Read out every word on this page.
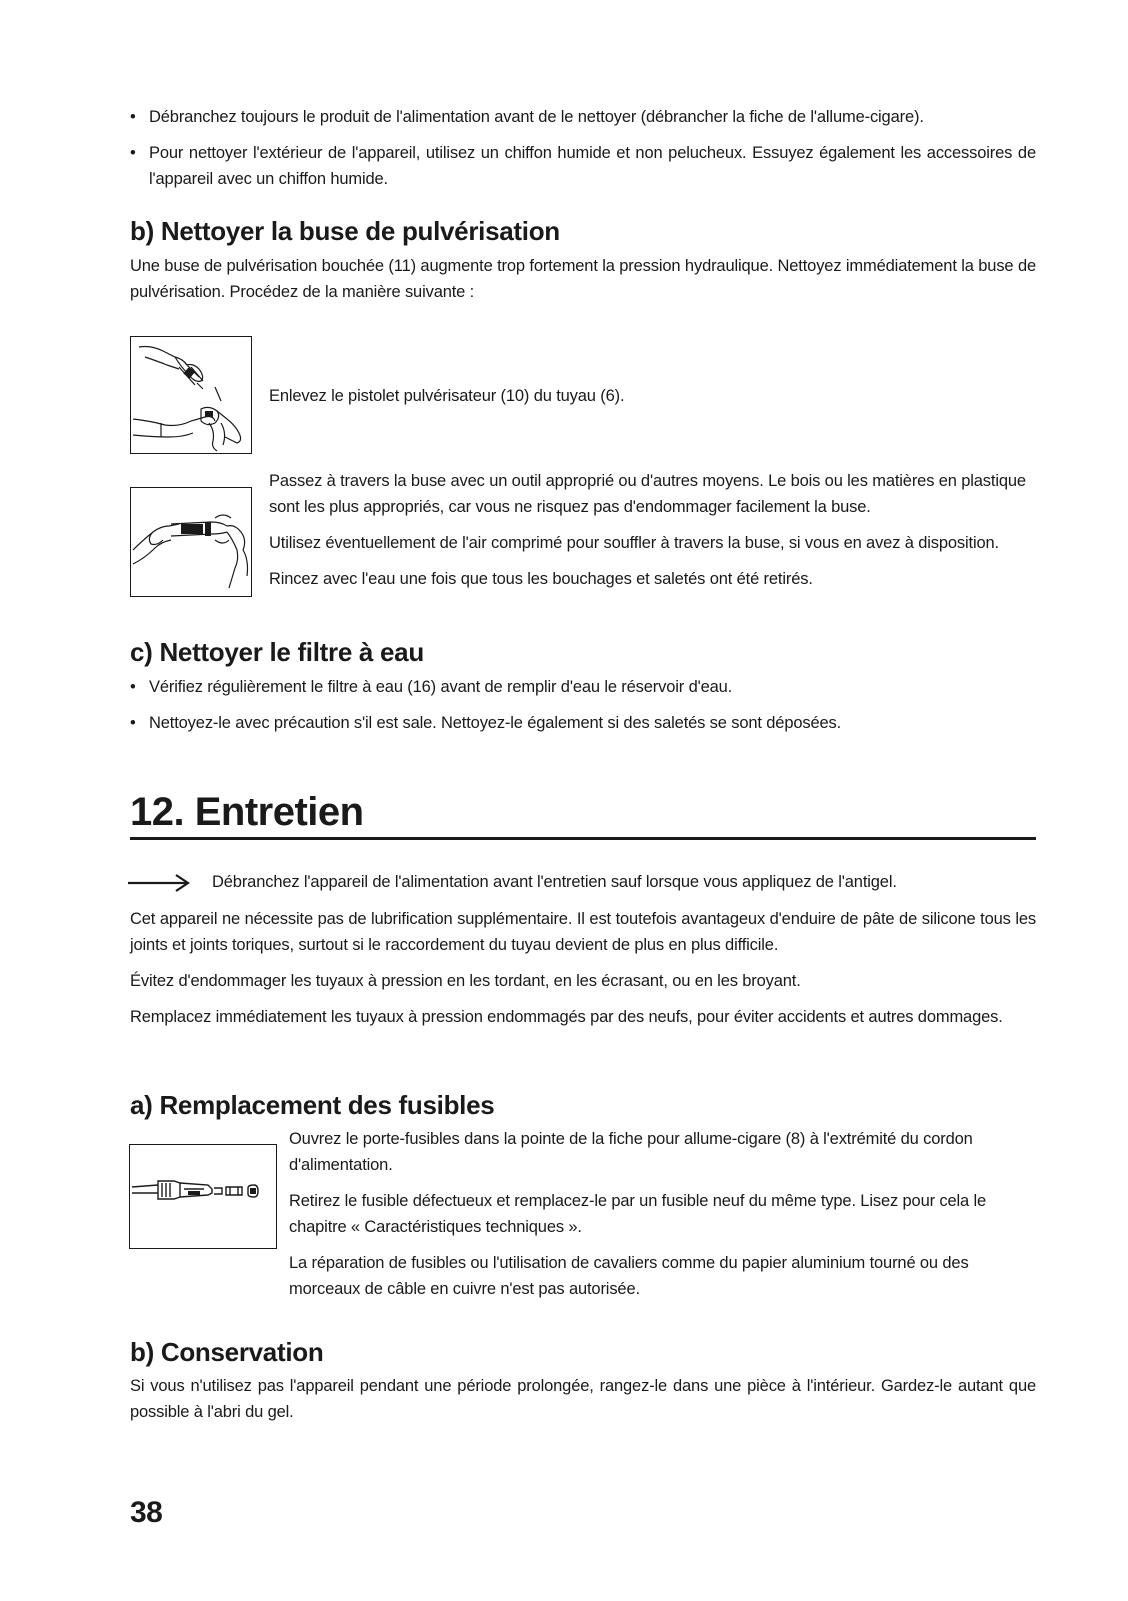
• Débranchez toujours le produit de l'alimentation avant de le nettoyer (débrancher la fiche de l'allume-cigare).
• Pour nettoyer l'extérieur de l'appareil, utilisez un chiffon humide et non pelucheux. Essuyez également les accessoires de l'appareil avec un chiffon humide.
b) Nettoyer la buse de pulvérisation

Une buse de pulvérisation bouchée (11) augmente trop fortement la pression hydraulique. Nettoyez immédiatement la buse de pulvérisation. Procédez de la manière suivante :

Enlevez le pistolet pulvérisateur (10) du tuyau (6).

Passez à travers la buse avec un outil approprié ou d'autres moyens. Le bois ou les matières en plastique sont les plus appropriés, car vous ne risquez pas d'endommager facilement la buse.

Utilisez éventuellement de l'air comprimé pour souffler à travers la buse, si vous en avez à disposition.

Rincez avec l'eau une fois que tous les bouchages et saletés ont été retirés.

c) Nettoyer le filtre à eau
• Vérifiez régulièrement le filtre à eau (16) avant de remplir d'eau le réservoir d'eau.
• Nettoyez-le avec précaution s'il est sale. Nettoyez-le également si des saletés se sont déposées.
12. Entretien

Débranchez l'appareil de l'alimentation avant l'entretien sauf lorsque vous appliquez de l'antigel.

Cet appareil ne nécessite pas de lubrification supplémentaire. Il est toutefois avantageux d'enduire de pâte de silicone tous les joints et joints toriques, surtout si le raccordement du tuyau devient de plus en plus difficile.

Évitez d'endommager les tuyaux à pression en les tordant, en les écrasant, ou en les broyant.

Remplacez immédiatement les tuyaux à pression endommagés par des neufs, pour éviter accidents et autres dommages.

a) Remplacement des fusibles

Ouvrez le porte-fusibles dans la pointe de la fiche pour allume-cigare (8) à l'extrémité du cordon d'alimentation.

Retirez le fusible défectueux et remplacez-le par un fusible neuf du même type. Lisez pour cela le chapitre « Caractéristiques techniques ».

La réparation de fusibles ou l'utilisation de cavaliers comme du papier aluminium tourné ou des morceaux de câble en cuivre n'est pas autorisée.

b) Conservation

Si vous n'utilisez pas l'appareil pendant une période prolongée, rangez-le dans une pièce à l'intérieur. Gardez-le autant que possible à l'abri du gel.

38
